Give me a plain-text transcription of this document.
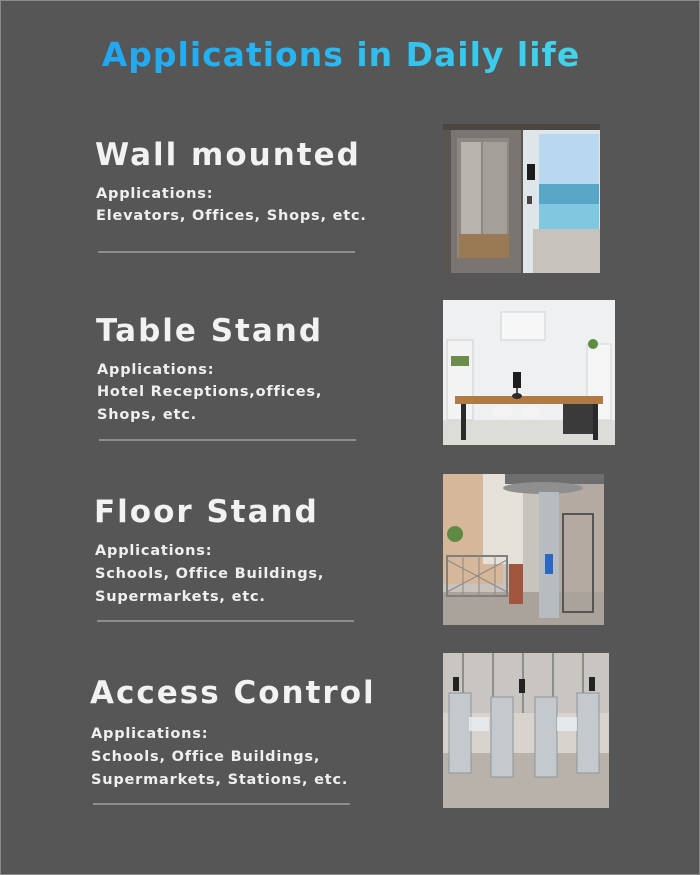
Applications in Daily life
Wall mounted

Applications:

Elevators, Offices, Shops, etc.

Table Stand

Applications:

Hotel Receptions,offices,

Shops, etc.

Floor Stand

Applications:

Schools, Office Buildings,

Supermarkets, etc.

Access Control

Applications:

Schools, Office Buildings,

Supermarkets, Stations, etc.
